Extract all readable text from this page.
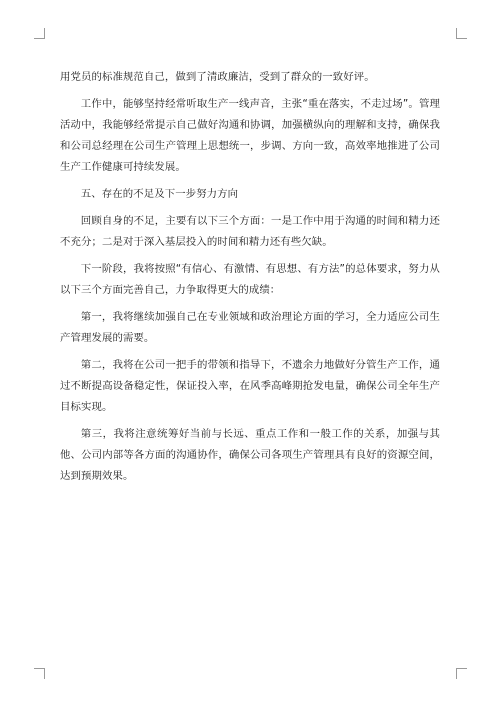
用党员的标准规范自己，做到了清政廉洁，受到了群众的一致好评。

工作中，能够坚持经常听取生产一线声音，主张“重在落实，不走过场”。管理活动中，我能够经常提示自己做好沟通和协调，加强横纵向的理解和支持，确保我和公司总经理在公司生产管理上思想统一，步调、方向一致，高效率地推进了公司生产工作健康可持续发展。

五、存在的不足及下一步努力方向

回顾自身的不足，主要有以下三个方面：一是工作中用于沟通的时间和精力还不充分；二是对于深入基层投入的时间和精力还有些欠缺。

下一阶段，我将按照“有信心、有激情、有思想、有方法”的总体要求，努力从以下三个方面完善自己，力争取得更大的成绩：

第一，我将继续加强自己在专业领域和政治理论方面的学习，全力适应公司生产管理发展的需要。

第二，我将在公司一把手的带领和指导下，不遗余力地做好分管生产工作，通过不断提高设备稳定性，保证投入率，在风季高峰期抢发电量，确保公司全年生产目标实现。

第三，我将注意统筹好当前与长远、重点工作和一般工作的关系，加强与其他、公司内部等各方面的沟通协作，确保公司各项生产管理具有良好的资源空间，达到预期效果。
